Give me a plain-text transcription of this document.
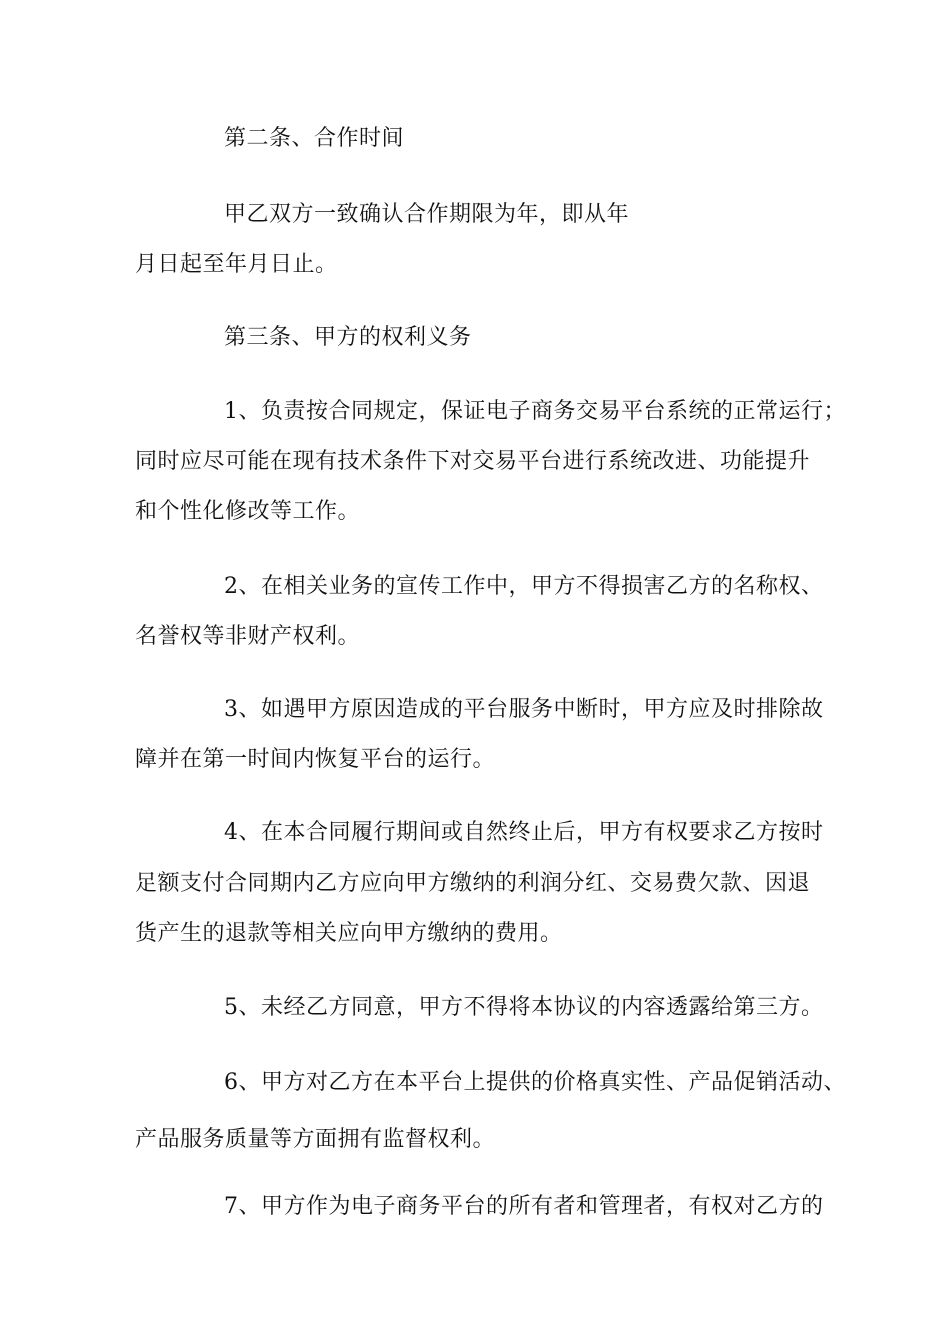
第二条、合作时间
甲乙双方一致确认合作期限为年，即从年
月日起至年月日止。
第三条、甲方的权利义务
1、负责按合同规定，保证电子商务交易平台系统的正常运行；
同时应尽可能在现有技术条件下对交易平台进行系统改进、功能提升
和个性化修改等工作。
2、在相关业务的宣传工作中，甲方不得损害乙方的名称权、
名誉权等非财产权利。
3、如遇甲方原因造成的平台服务中断时，甲方应及时排除故
障并在第一时间内恢复平台的运行。
4、在本合同履行期间或自然终止后，甲方有权要求乙方按时
足额支付合同期内乙方应向甲方缴纳的利润分红、交易费欠款、因退
货产生的退款等相关应向甲方缴纳的费用。
5、未经乙方同意，甲方不得将本协议的内容透露给第三方。
6、甲方对乙方在本平台上提供的价格真实性、产品促销活动、
产品服务质量等方面拥有监督权利。
7、甲方作为电子商务平台的所有者和管理者，有权对乙方的
